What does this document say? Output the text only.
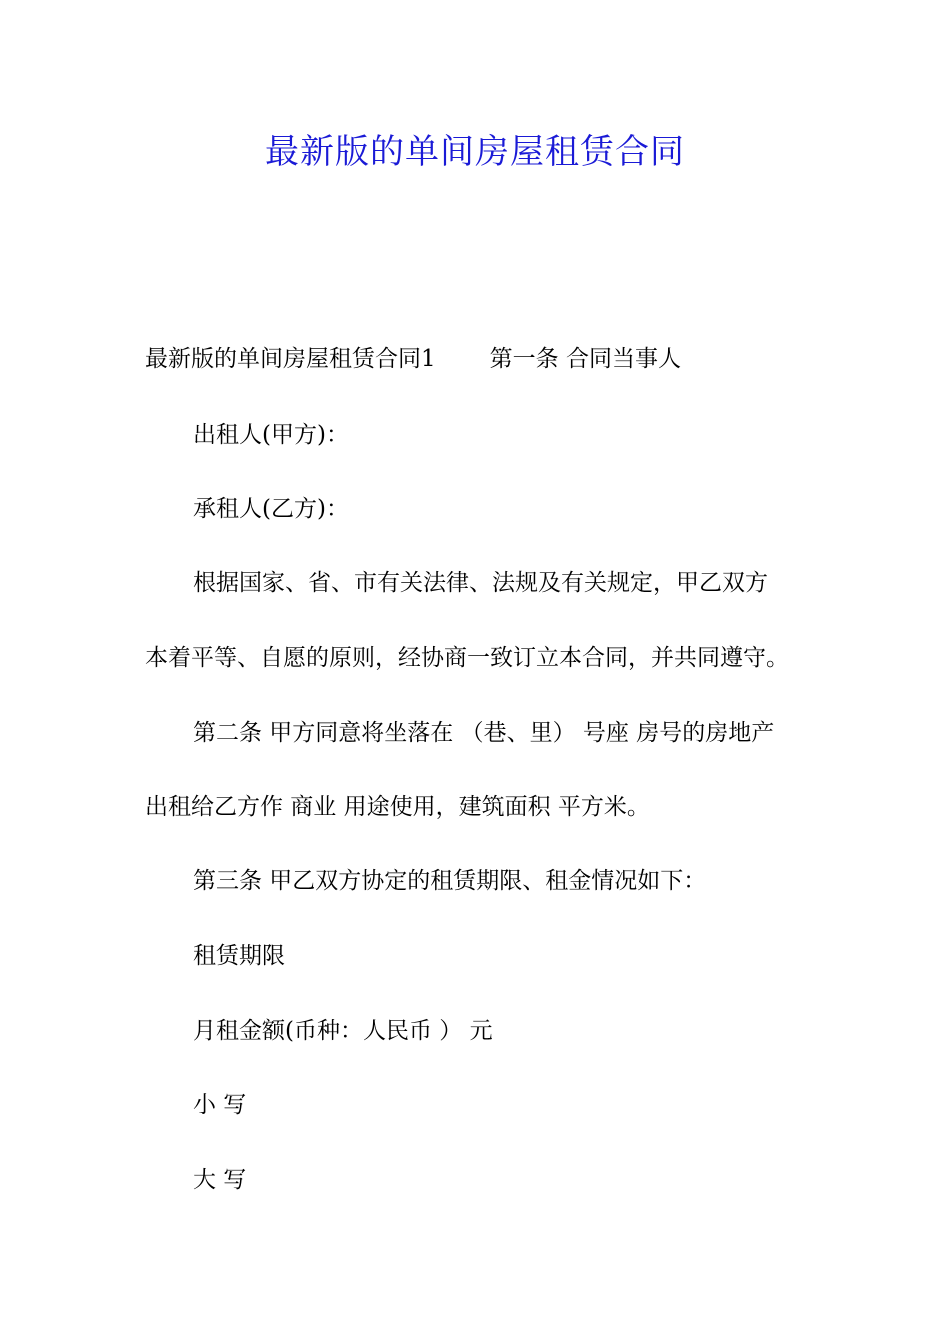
最新版的单间房屋租赁合同
最新版的单间房屋租赁合同1 第一条 合同当事人
出租人(甲方)：
承租人(乙方)：
根据国家、省、市有关法律、法规及有关规定，甲乙双方
本着平等、自愿的原则，经协商一致订立本合同，并共同遵守。
第二条 甲方同意将坐落在 （巷、里） 号座 房号的房地产
出租给乙方作 商业 用途使用，建筑面积 平方米。
第三条 甲乙双方协定的租赁期限、租金情况如下：
租赁期限
月租金额(币种：人民币 ） 元
小 写
大 写
